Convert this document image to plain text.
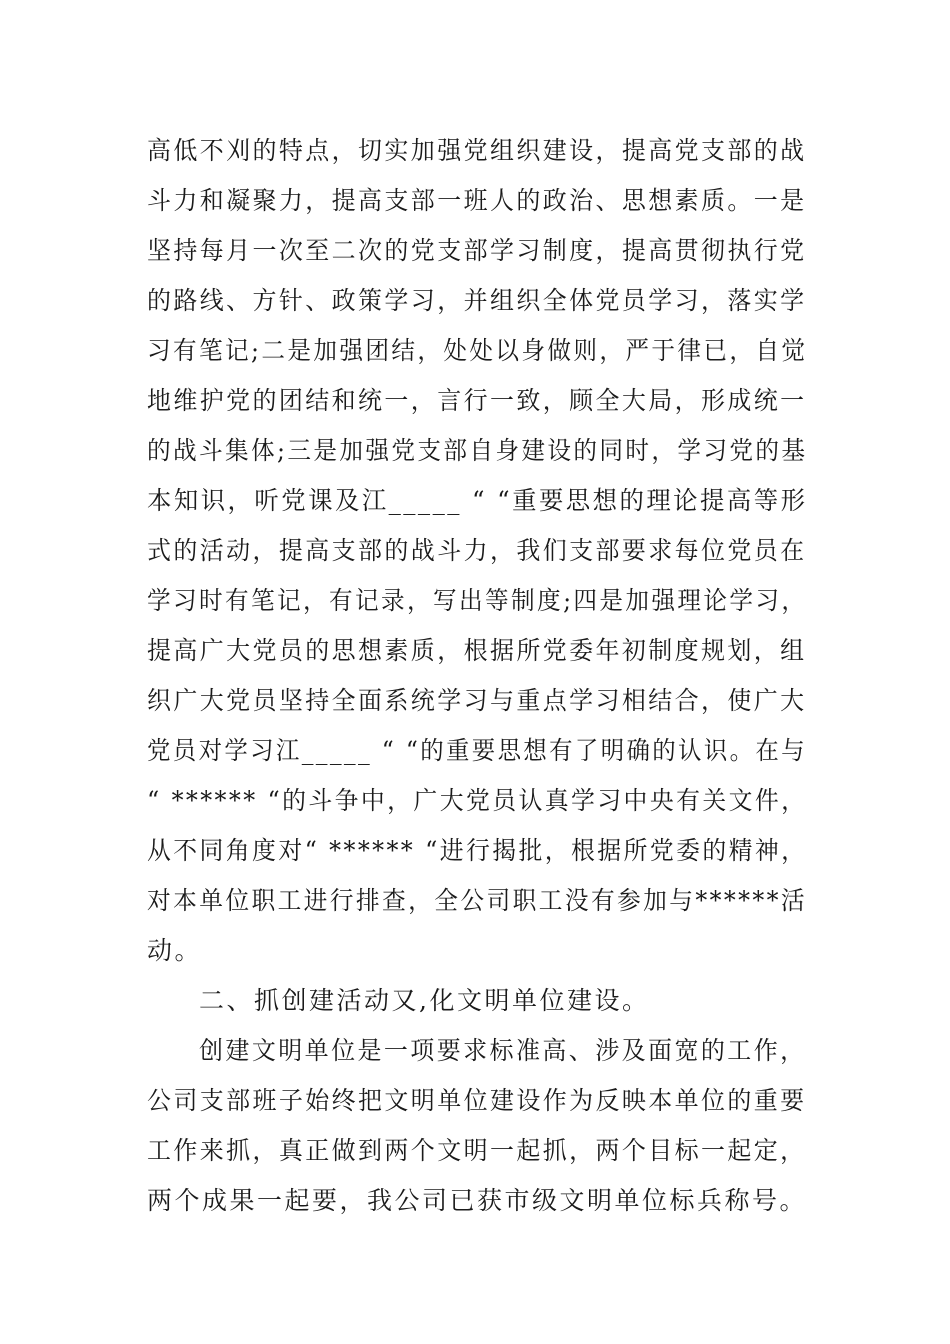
高低不刈的特点，切实加强党组织建设，提高党支部的战
斗力和凝聚力，提高支部一班人的政治、思想素质。一是
坚持每月一次至二次的党支部学习制度，提高贯彻执行党
的路线、方针、政策学习，并组织全体党员学习，落实学
习有笔记;二是加强团结，处处以身做则，严于律已，自觉
地维护党的团结和统一，言行一致，顾全大局，形成统一
的战斗集体;三是加强党支部自身建设的同时，学习党的基
本知识，听党课及江_____ “ “重要思想的理论提高等形
式的活动，提高支部的战斗力，我们支部要求每位党员在
学习时有笔记，有记录，写出等制度;四是加强理论学习，
提高广大党员的思想素质，根据所党委年初制度规划，组
织广大党员坚持全面系统学习与重点学习相结合，使广大
党员对学习江_____ “ “的重要思想有了明确的认识。在与
“ ****** “的斗争中，广大党员认真学习中央有关文件，
从不同角度对“ ****** “进行揭批，根据所党委的精神，
对本单位职工进行排查，全公司职工没有参加与******活
动。
二、抓创建活动又,化文明单位建设。
创建文明单位是一项要求标准高、涉及面宽的工作，
公司支部班子始终把文明单位建设作为反映本单位的重要
工作来抓，真正做到两个文明一起抓，两个目标一起定，
两个成果一起要，我公司已获市级文明单位标兵称号。
